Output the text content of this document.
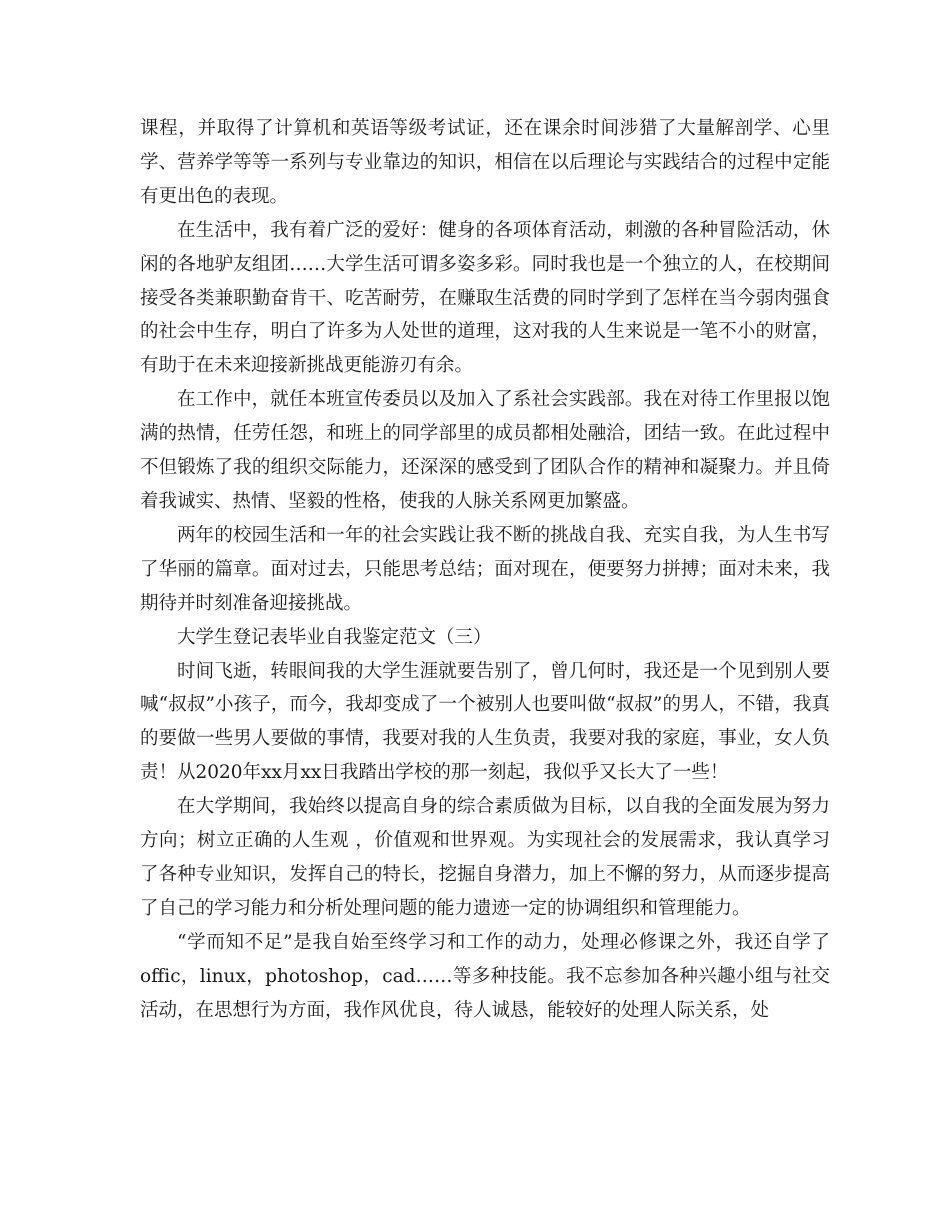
课程，并取得了计算机和英语等级考试证，还在课余时间涉猎了大量解剖学、心里学、营养学等等一系列与专业靠边的知识，相信在以后理论与实践结合的过程中定能有更出色的表现。

在生活中，我有着广泛的爱好：健身的各项体育活动，刺激的各种冒险活动，休闲的各地驴友组团……大学生活可谓多姿多彩。同时我也是一个独立的人，在校期间接受各类兼职勤奋肯干、吃苦耐劳，在赚取生活费的同时学到了怎样在当今弱肉强食的社会中生存，明白了许多为人处世的道理，这对我的人生来说是一笔不小的财富，有助于在未来迎接新挑战更能游刃有余。

在工作中，就任本班宣传委员以及加入了系社会实践部。我在对待工作里报以饱满的热情，任劳任怨，和班上的同学部里的成员都相处融洽，团结一致。在此过程中不但锻炼了我的组织交际能力，还深深的感受到了团队合作的精神和凝聚力。并且倚着我诚实、热情、坚毅的性格，使我的人脉关系网更加繁盛。

两年的校园生活和一年的社会实践让我不断的挑战自我、充实自我，为人生书写了华丽的篇章。面对过去，只能思考总结；面对现在，便要努力拼搏；面对未来，我期待并时刻准备迎接挑战。

大学生登记表毕业自我鉴定范文（三）

时间飞逝，转眼间我的大学生涯就要告别了，曾几何时，我还是一个见到别人要喊“叔叔”小孩子，而今，我却变成了一个被别人也要叫做“叔叔”的男人，不错，我真的要做一些男人要做的事情，我要对我的人生负责，我要对我的家庭，事业，女人负责！从2020年xx月xx日我踏出学校的那一刻起，我似乎又长大了一些！

在大学期间，我始终以提高自身的综合素质做为目标，以自我的全面发展为努力方向；树立正确的人生观 ，价值观和世界观。为实现社会的发展需求，我认真学习了各种专业知识，发挥自己的特长，挖掘自身潜力，加上不懈的努力，从而逐步提高了自己的学习能力和分析处理问题的能力遗迹一定的协调组织和管理能力。

“学而知不足”是我自始至终学习和工作的动力，处理必修课之外，我还自学了offic，linux，photoshop，cad……等多种技能。我不忘参加各种兴趣小组与社交活动，在思想行为方面，我作风优良，待人诚恳，能较好的处理人际关系，处
